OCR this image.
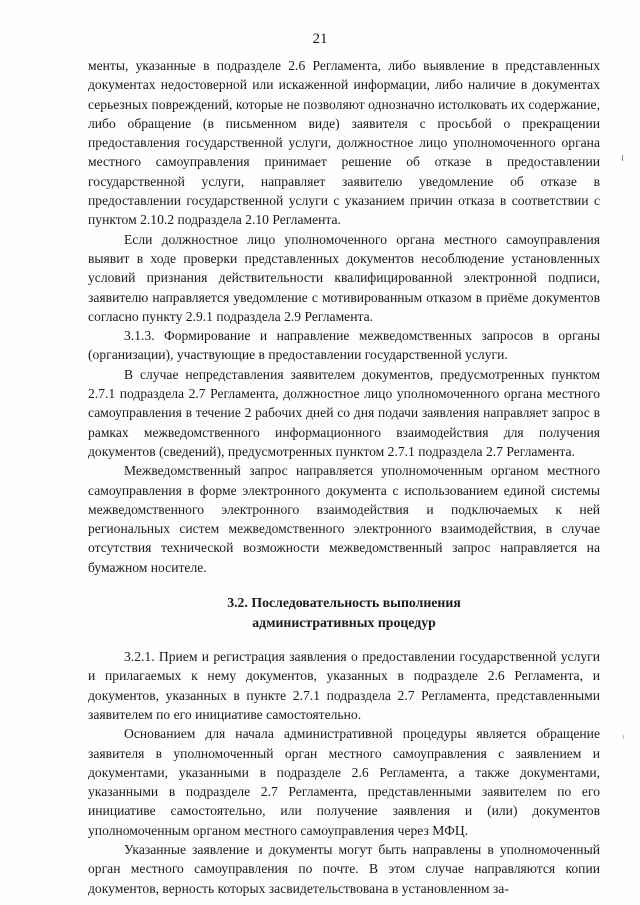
21

менты, указанные в подразделе 2.6 Регламента, либо выявление в представленных документах недостоверной или искаженной информации, либо наличие в документах серьезных повреждений, которые не позволяют однозначно истолковать их содержание, либо обращение (в письменном виде) заявителя с просьбой о прекращении предоставления государственной услуги, должностное лицо уполномоченного органа местного самоуправления принимает решение об отказе в предоставлении государственной услуги, направляет заявителю уведомление об отказе в предоставлении государственной услуги с указанием причин отказа в соответствии с пунктом 2.10.2 подраздела 2.10 Регламента.

Если должностное лицо уполномоченного органа местного самоуправления выявит в ходе проверки представленных документов несоблюдение установленных условий признания действительности квалифицированной электронной подписи, заявителю направляется уведомление с мотивированным отказом в приёме документов согласно пункту 2.9.1 подраздела 2.9 Регламента.

3.1.3. Формирование и направление межведомственных запросов в органы (организации), участвующие в предоставлении государственной услуги.

В случае непредставления заявителем документов, предусмотренных пунктом 2.7.1 подраздела 2.7 Регламента, должностное лицо уполномоченного органа местного самоуправления в течение 2 рабочих дней со дня подачи заявления направляет запрос в рамках межведомственного информационного взаимодействия для получения документов (сведений), предусмотренных пунктом 2.7.1 подраздела 2.7 Регламента.

Межведомственный запрос направляется уполномоченным органом местного самоуправления в форме электронного документа с использованием единой системы межведомственного электронного взаимодействия и подключаемых к ней региональных систем межведомственного электронного взаимодействия, в случае отсутствия технической возможности межведомственный запрос направляется на бумажном носителе.

3.2. Последовательность выполнения
административных процедур

3.2.1. Прием и регистрация заявления о предоставлении государственной услуги и прилагаемых к нему документов, указанных в подразделе 2.6 Регламента, и документов, указанных в пункте 2.7.1 подраздела 2.7 Регламента, представленными заявителем по его инициативе самостоятельно.

Основанием для начала административной процедуры является обращение заявителя в уполномоченный орган местного самоуправления с заявлением и документами, указанными в подразделе 2.6 Регламента, а также документами, указанными в подразделе 2.7 Регламента, представленными заявителем по его инициативе самостоятельно, или получение заявления и (или) документов уполномоченным органом местного самоуправления через МФЦ.

Указанные заявление и документы могут быть направлены в уполномоченный орган местного самоуправления по почте. В этом случае направляются копии документов, верность которых засвидетельствована в установленном за-
